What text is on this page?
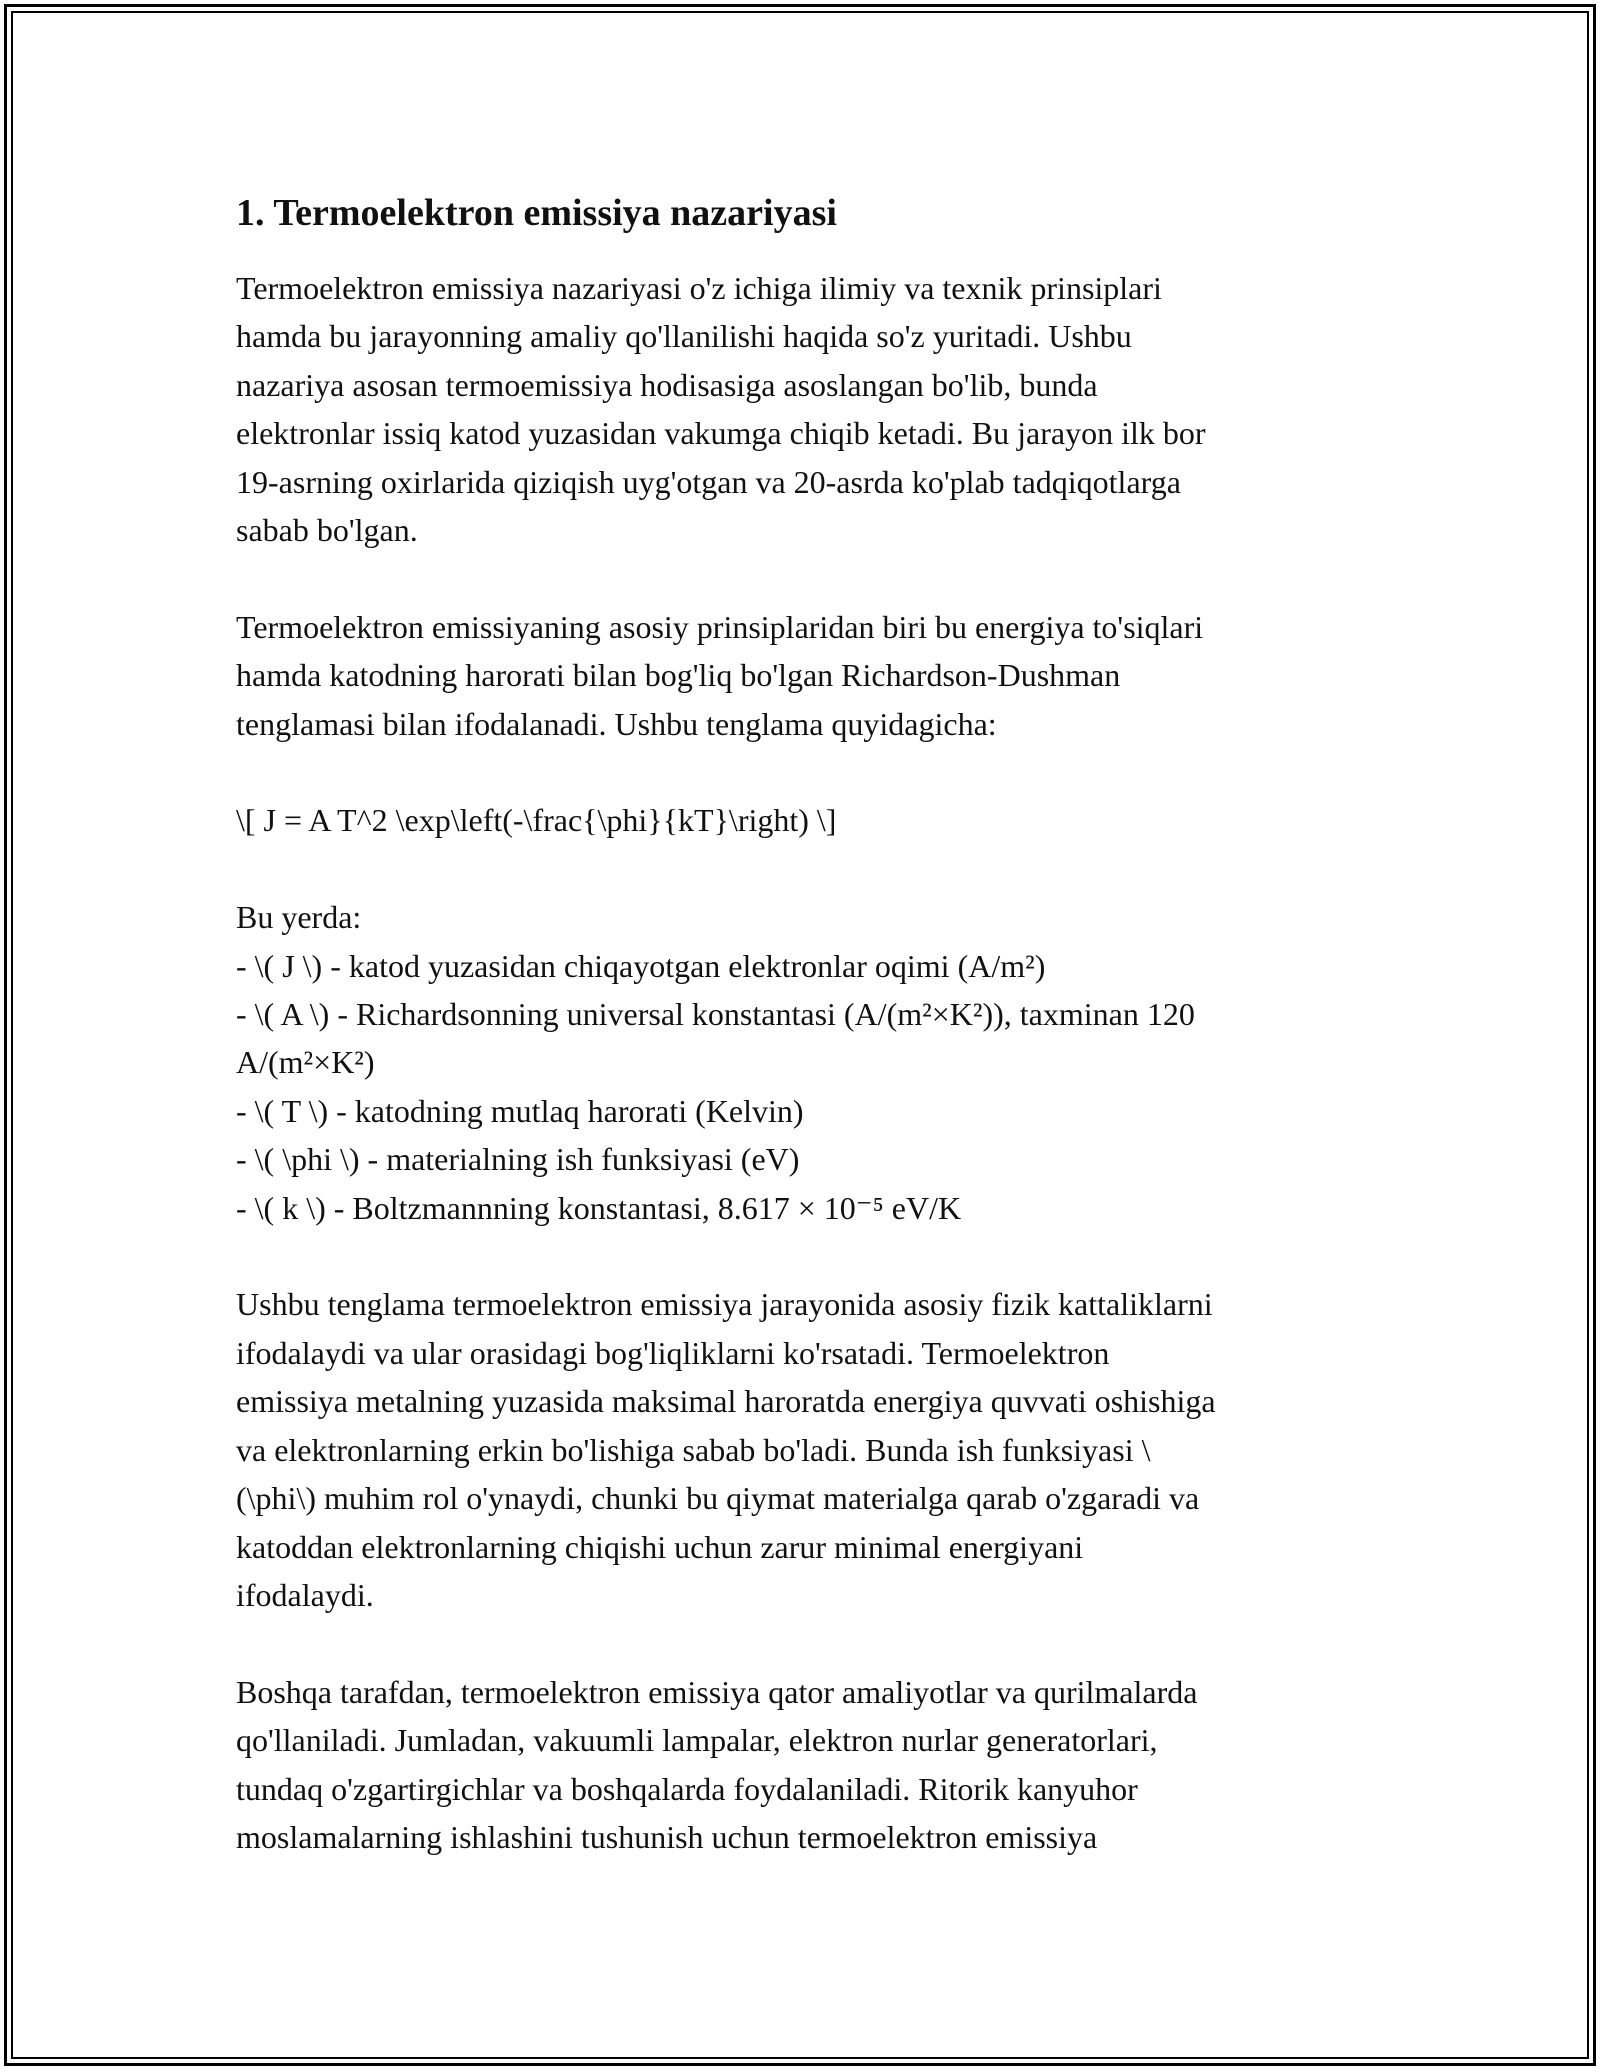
1. Termoelektron emissiya nazariyasi

Termoelektron emissiya nazariyasi o'z ichiga ilimiy va texnik prinsiplari
hamda bu jarayonning amaliy qo'llanilishi haqida so'z yuritadi. Ushbu
nazariya asosan termoemissiya hodisasiga asoslangan bo'lib, bunda
elektronlar issiq katod yuzasidan vakumga chiqib ketadi. Bu jarayon ilk bor
19-asrning oxirlarida qiziqish uyg'otgan va 20-asrda ko'plab tadqiqotlarga
sabab bo'lgan.

Termoelektron emissiyaning asosiy prinsiplaridan biri bu energiya to'siqlari
hamda katodning harorati bilan bog'liq bo'lgan Richardson-Dushman
tenglamasi bilan ifodalanadi. Ushbu tenglama quyidagicha:

\[ J = A T^2 \exp\left(-\frac{\phi}{kT}\right) \]

Bu yerda:

- \( J \) - katod yuzasidan chiqayotgan elektronlar oqimi (A/m²)

- \( A \) - Richardsonning universal konstantasi (A/(m²×K²)), taxminan 120
A/(m²×K²)

- \( T \) - katodning mutlaq harorati (Kelvin)

- \( \phi \) - materialning ish funksiyasi (eV)

- \( k \) - Boltzmannning konstantasi, 8.617 × 10⁻⁵ eV/K

Ushbu tenglama termoelektron emissiya jarayonida asosiy fizik kattaliklarni
ifodalaydi va ular orasidagi bog'liqliklarni ko'rsatadi. Termoelektron
emissiya metalning yuzasida maksimal haroratda energiya quvvati oshishiga
va elektronlarning erkin bo'lishiga sabab bo'ladi. Bunda ish funksiyasi \
(\phi\) muhim rol o'ynaydi, chunki bu qiymat materialga qarab o'zgaradi va
katoddan elektronlarning chiqishi uchun zarur minimal energiyani
ifodalaydi.

Boshqa tarafdan, termoelektron emissiya qator amaliyotlar va qurilmalarda
qo'llaniladi. Jumladan, vakuumli lampalar, elektron nurlar generatorlari,
tundaq o'zgartirgichlar va boshqalarda foydalaniladi. Ritorik kanyuhor
moslamalarning ishlashini tushunish uchun termoelektron emissiya
